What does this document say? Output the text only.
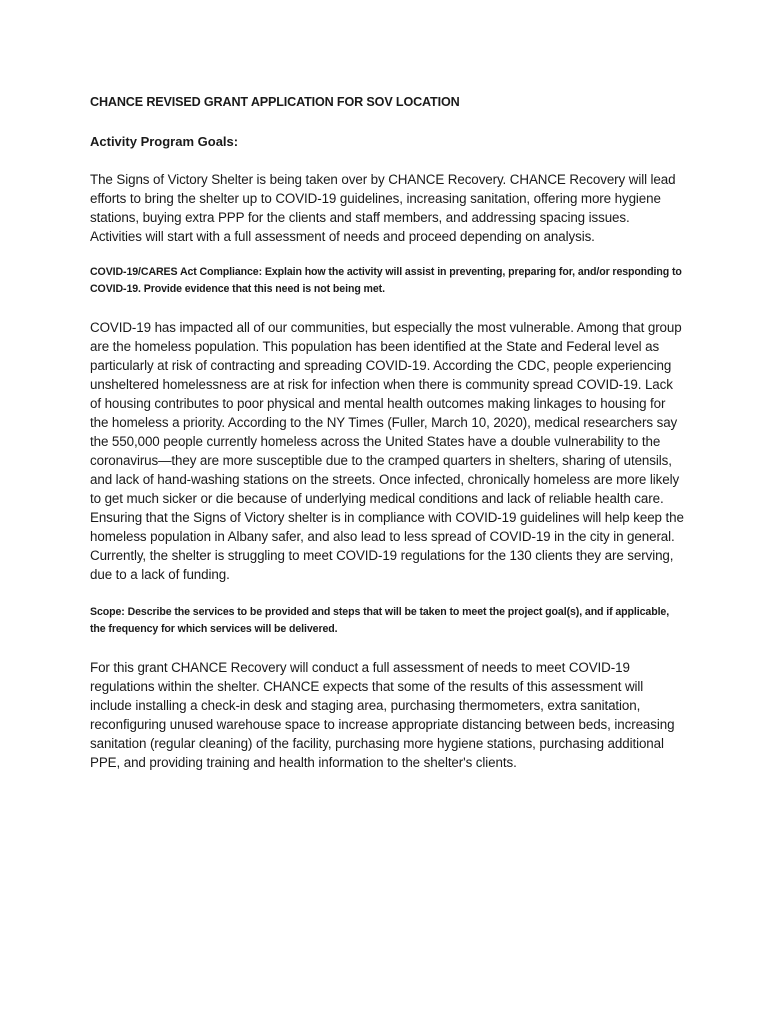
CHANCE REVISED GRANT APPLICATION FOR SOV LOCATION

Activity Program Goals:

The Signs of Victory Shelter is being taken over by CHANCE Recovery. CHANCE Recovery will lead efforts to bring the shelter up to COVID-19 guidelines, increasing sanitation, offering more hygiene stations, buying extra PPP for the clients and staff members, and addressing spacing issues. Activities will start with a full assessment of needs and proceed depending on analysis.

COVID-19/CARES Act Compliance: Explain how the activity will assist in preventing, preparing for, and/or responding to COVID-19. Provide evidence that this need is not being met.

COVID-19 has impacted all of our communities, but especially the most vulnerable. Among that group are the homeless population. This population has been identified at the State and Federal level as particularly at risk of contracting and spreading COVID-19. According the CDC, people experiencing unsheltered homelessness are at risk for infection when there is community spread COVID-19. Lack of housing contributes to poor physical and mental health outcomes making linkages to housing for the homeless a priority. According to the NY Times (Fuller, March 10, 2020), medical researchers say the 550,000 people currently homeless across the United States have a double vulnerability to the coronavirus—they are more susceptible due to the cramped quarters in shelters, sharing of utensils, and lack of hand-washing stations on the streets. Once infected, chronically homeless are more likely to get much sicker or die because of underlying medical conditions and lack of reliable health care. Ensuring that the Signs of Victory shelter is in compliance with COVID-19 guidelines will help keep the homeless population in Albany safer, and also lead to less spread of COVID-19 in the city in general. Currently, the shelter is struggling to meet COVID-19 regulations for the 130 clients they are serving, due to a lack of funding.

Scope: Describe the services to be provided and steps that will be taken to meet the project goal(s), and if applicable, the frequency for which services will be delivered.

For this grant CHANCE Recovery will conduct a full assessment of needs to meet COVID-19 regulations within the shelter. CHANCE expects that some of the results of this assessment will include installing a check-in desk and staging area, purchasing thermometers, extra sanitation, reconfiguring unused warehouse space to increase appropriate distancing between beds, increasing sanitation (regular cleaning) of the facility, purchasing more hygiene stations, purchasing additional PPE, and providing training and health information to the shelter's clients.
